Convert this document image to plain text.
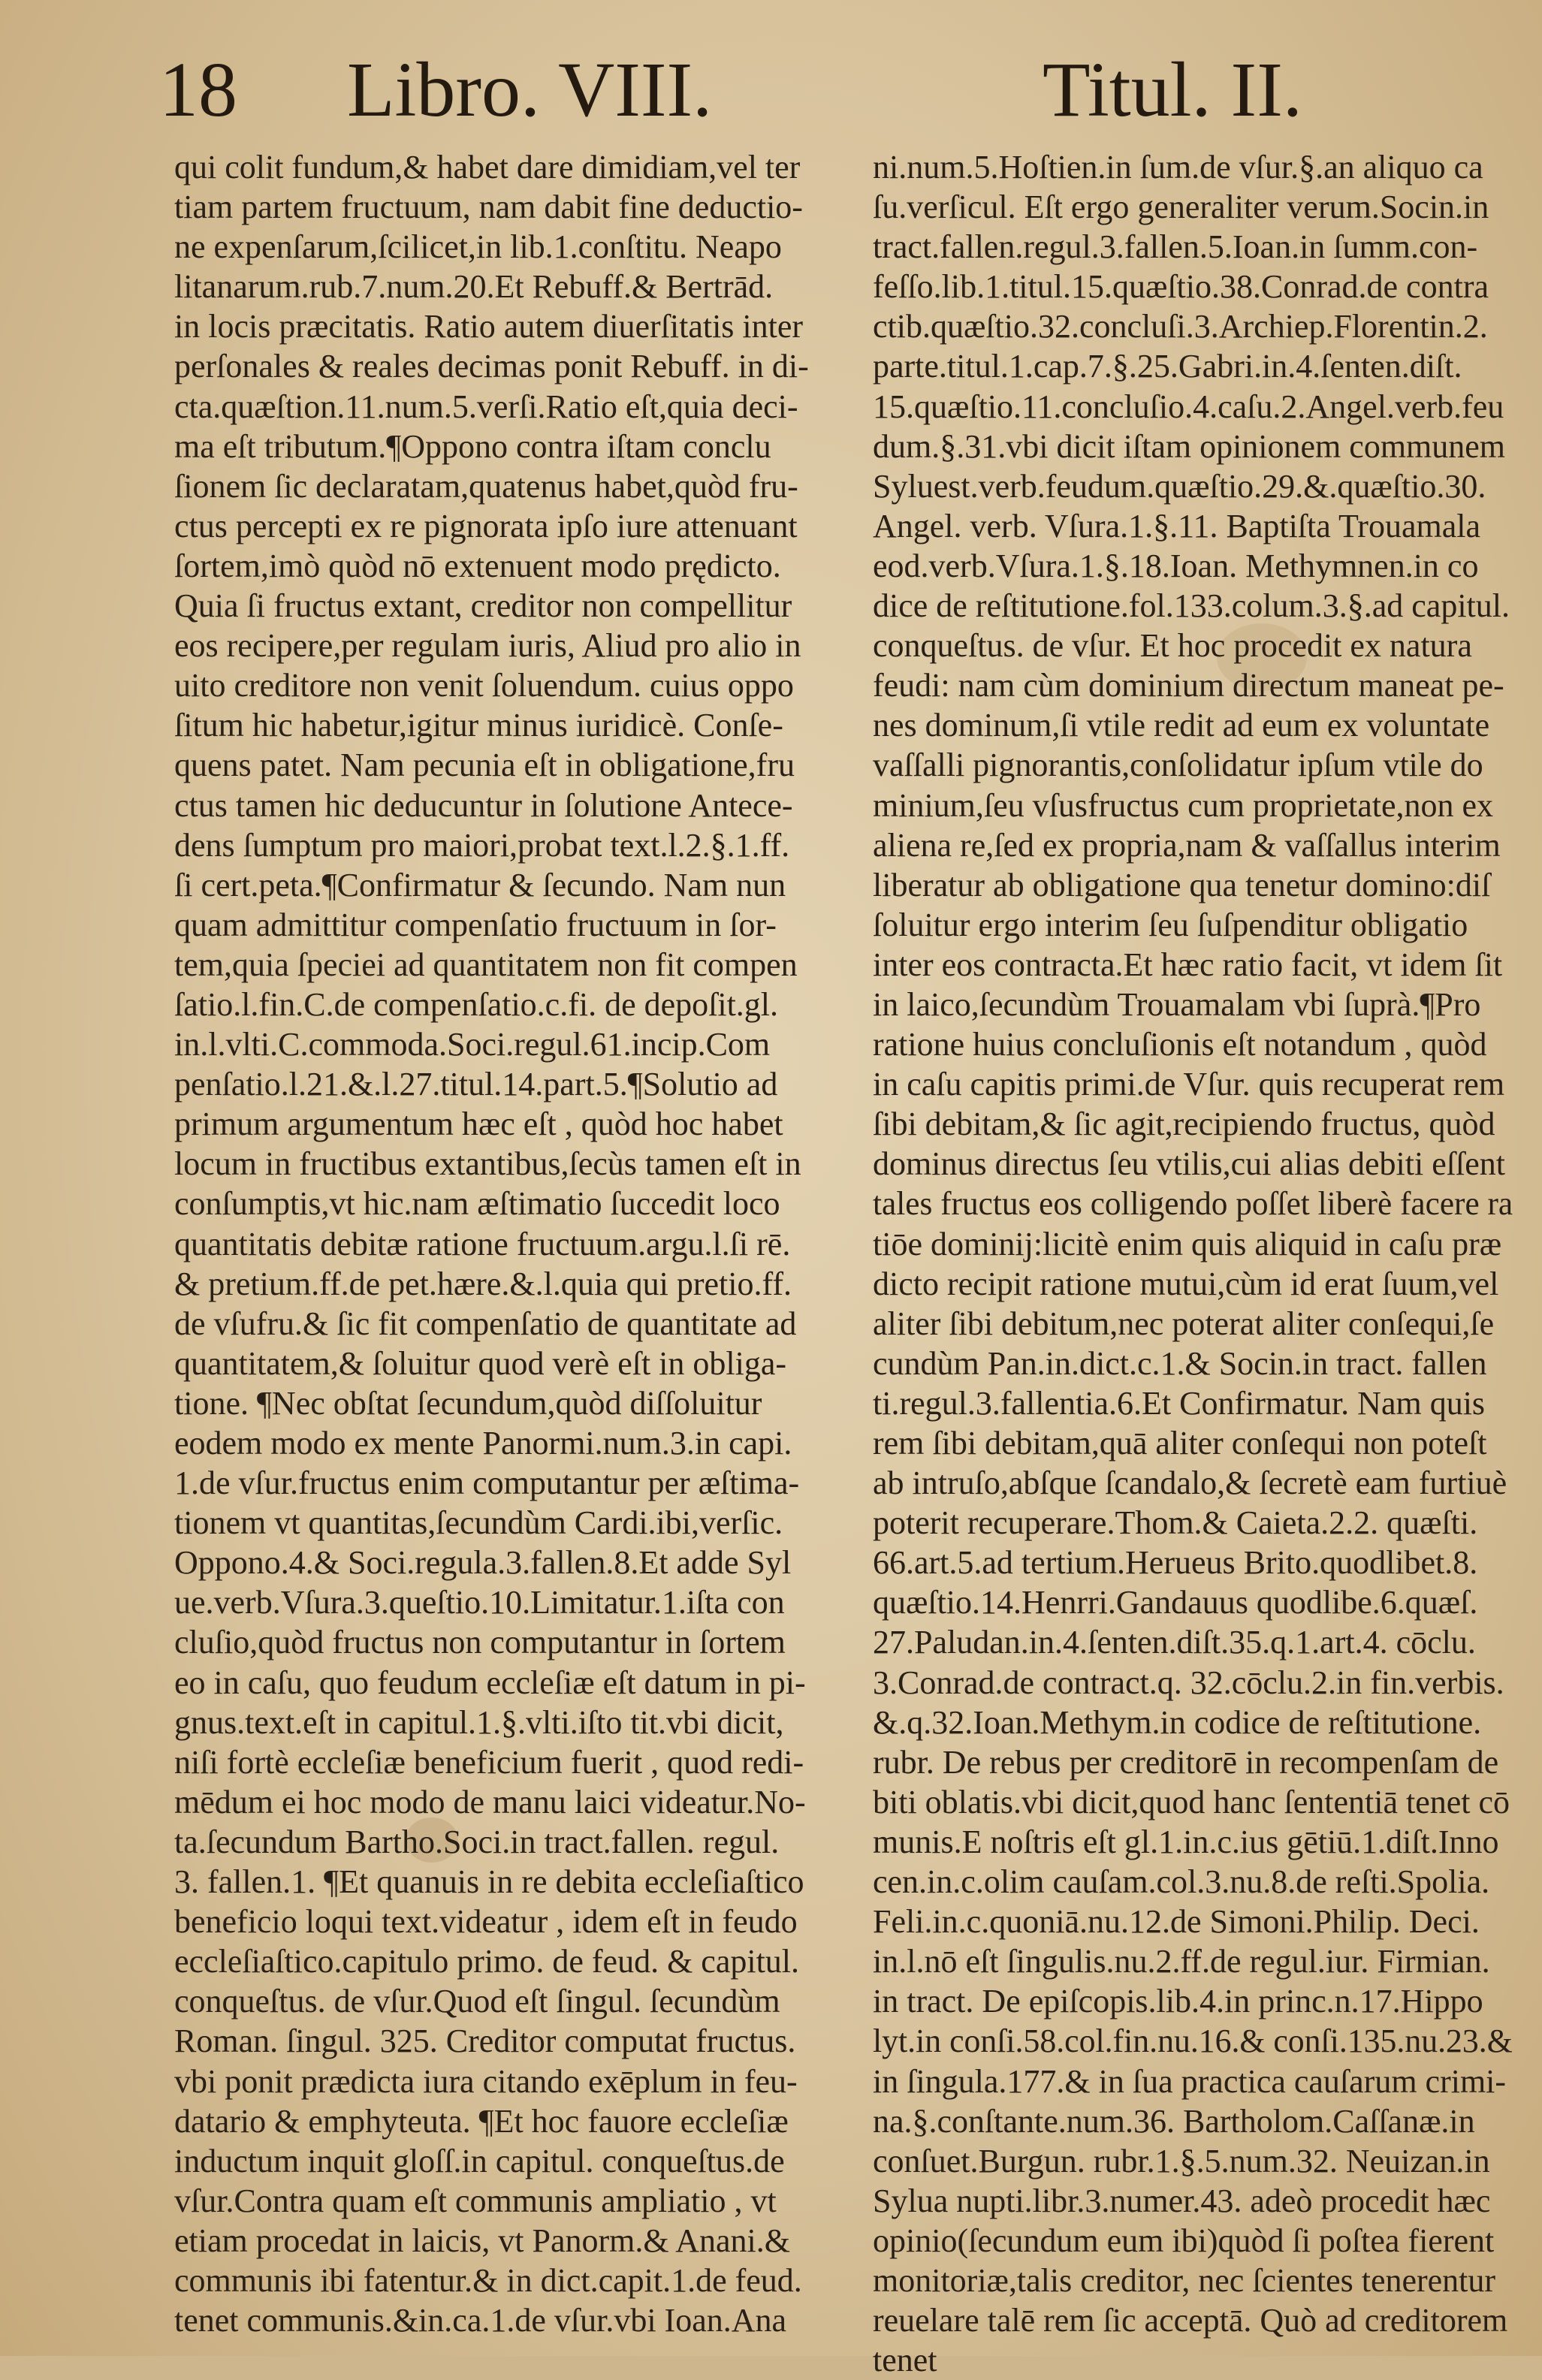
18 Libro. VIII.	Titul. II.
qui colit fundum,& habet dare dimidiam,vel ter
tiam partem fructuum, nam dabit fine deductio-
ne expenſarum,ſcilicet,in lib.1.conſtitu. Neapo
litanarum.rub.7.num.20.Et Rebuff.& Bertrād.
in locis præcitatis. Ratio autem diuerſitatis inter
perſonales & reales decimas ponit Rebuff. in di-
cta.quæſtion.11.num.5.verſi.Ratio eſt,quia deci-
ma eſt tributum.¶Oppono contra iſtam conclu
ſionem ſic declaratam,quatenus habet,quòd fru-
ctus percepti ex re pignorata ipſo iure attenuant
ſortem,imò quòd nō extenuent modo prędicto.
Quia ſi fructus extant, creditor non compellitur
eos recipere,per regulam iuris, Aliud pro alio in
uito creditore non venit ſoluendum. cuius oppo
ſitum hic habetur,igitur minus iuridicè. Conſe-
quens patet. Nam pecunia eſt in obligatione,fru
ctus tamen hic deducuntur in ſolutione Antece-
dens ſumptum pro maiori,probat text.l.2.§.1.ff.
ſi cert.peta.¶Confirmatur & ſecundo. Nam nun
quam admittitur compenſatio fructuum in ſor-
tem,quia ſpeciei ad quantitatem non fit compen
ſatio.l.fin.C.de compenſatio.c.fi. de depoſit.gl.
in.l.vlti.C.commoda.Soci.regul.61.incip.Com
penſatio.l.21.&.l.27.titul.14.part.5.¶Solutio ad
primum argumentum hæc eſt , quòd hoc habet
locum in fructibus extantibus,ſecùs tamen eſt in
conſumptis,vt hic.nam æſtimatio ſuccedit loco
quantitatis debitæ ratione fructuum.argu.l.ſi rē.
& pretium.ff.de pet.hære.&.l.quia qui pretio.ff.
de vſufru.& ſic fit compenſatio de quantitate ad
quantitatem,& ſoluitur quod verè eſt in obliga-
tione. ¶Nec obſtat ſecundum,quòd diſſoluitur
eodem modo ex mente Panormi.num.3.in capi.
1.de vſur.fructus enim computantur per æſtima-
tionem vt quantitas,ſecundùm Cardi.ibi,verſic.
Oppono.4.& Soci.regula.3.fallen.8.Et adde Syl
ue.verb.Vſura.3.queſtio.10.Limitatur.1.iſta con
cluſio,quòd fructus non computantur in ſortem
eo in caſu, quo feudum eccleſiæ eſt datum in pi-
gnus.text.eſt in capitul.1.§.vlti.iſto tit.vbi dicit,
niſi fortè eccleſiæ beneficium fuerit , quod redi-
mēdum ei hoc modo de manu laici videatur.No-
ta.ſecundum Bartho.Soci.in tract.fallen. regul.
3. fallen.1. ¶Et quanuis in re debita eccleſiaſtico
beneficio loqui text.videatur , idem eſt in feudo
eccleſiaſtico.capitulo primo. de feud. & capitul.
conqueſtus. de vſur.Quod eſt ſingul. ſecundùm
Roman. ſingul. 325. Creditor computat fructus.
vbi ponit prædicta iura citando exēplum in feu-
datario & emphyteuta. ¶Et hoc fauore eccleſiæ
inductum inquit gloſſ.in capitul. conqueſtus.de
vſur.Contra quam eſt communis ampliatio , vt
etiam procedat in laicis, vt Panorm.& Anani.&
communis ibi fatentur.& in dict.capit.1.de feud.
tenet communis.&in.ca.1.de vſur.vbi Ioan.Ana
ni.num.5.Hoſtien.in ſum.de vſur.§.an aliquo ca
ſu.verſicul. Eſt ergo generaliter verum.Socin.in
tract.fallen.regul.3.fallen.5.Ioan.in ſumm.con-
feſſo.lib.1.titul.15.quæſtio.38.Conrad.de contra
ctib.quæſtio.32.concluſi.3.Archiep.Florentin.2.
parte.titul.1.cap.7.§.25.Gabri.in.4.ſenten.diſt.
15.quæſtio.11.concluſio.4.caſu.2.Angel.verb.feu
dum.§.31.vbi dicit iſtam opinionem communem
Syluest.verb.feudum.quæſtio.29.&.quæſtio.30.
Angel. verb. Vſura.1.§.11. Baptiſta Trouamala
eod.verb.Vſura.1.§.18.Ioan. Methymnen.in co
dice de reſtitutione.fol.133.colum.3.§.ad capitul.
conqueſtus. de vſur. Et hoc procedit ex natura
feudi: nam cùm dominium directum maneat pe-
nes dominum,ſi vtile redit ad eum ex voluntate
vaſſalli pignorantis,conſolidatur ipſum vtile do
minium,ſeu vſusfructus cum proprietate,non ex
aliena re,ſed ex propria,nam & vaſſallus interim
liberatur ab obligatione qua tenetur domino:diſ
ſoluitur ergo interim ſeu ſuſpenditur obligatio
inter eos contracta.Et hæc ratio facit, vt idem ſit
in laico,ſecundùm Trouamalam vbi ſuprà.¶Pro
ratione huius concluſionis eſt notandum , quòd
in caſu capitis primi.de Vſur. quis recuperat rem
ſibi debitam,& ſic agit,recipiendo fructus, quòd
dominus directus ſeu vtilis,cui alias debiti eſſent
tales fructus eos colligendo poſſet liberè facere ra
tiōe dominij:licitè enim quis aliquid in caſu præ
dicto recipit ratione mutui,cùm id erat ſuum,vel
aliter ſibi debitum,nec poterat aliter conſequi,ſe
cundùm Pan.in.dict.c.1.& Socin.in tract. fallen
ti.regul.3.fallentia.6.Et Confirmatur. Nam quis
rem ſibi debitam,quā aliter conſequi non poteſt
ab intruſo,abſque ſcandalo,& ſecretè eam furtiuè
poterit recuperare.Thom.& Caieta.2.2. quæſti.
66.art.5.ad tertium.Herueus Brito.quodlibet.8.
quæſtio.14.Henrri.Gandauus quodlibe.6.quæſ.
27.Paludan.in.4.ſenten.diſt.35.q.1.art.4. cōclu.
3.Conrad.de contract.q. 32.cōclu.2.in fin.verbis.
&.q.32.Ioan.Methym.in codice de reſtitutione.
rubr. De rebus per creditorē in recompenſam de
biti oblatis.vbi dicit,quod hanc ſententiā tenet cō
munis.E noſtris eſt gl.1.in.c.ius gētiū.1.diſt.Inno
cen.in.c.olim cauſam.col.3.nu.8.de reſti.Spolia.
Feli.in.c.quoniā.nu.12.de Simoni.Philip. Deci.
in.l.nō eſt ſingulis.nu.2.ff.de regul.iur. Firmian.
in tract. De epiſcopis.lib.4.in princ.n.17.Hippo
lyt.in conſi.58.col.fin.nu.16.& conſi.135.nu.23.&
in ſingula.177.& in ſua practica cauſarum crimi-
na.§.conſtante.num.36. Bartholom.Caſſanæ.in
conſuet.Burgun. rubr.1.§.5.num.32. Neuizan.in
Sylua nupti.libr.3.numer.43. adeò procedit hæc
opinio(ſecundum eum ibi)quòd ſi poſtea fierent
monitoriæ,talis creditor, nec ſcientes tenerentur
reuelare talē rem ſic acceptā. Quò ad creditorem
tenet
